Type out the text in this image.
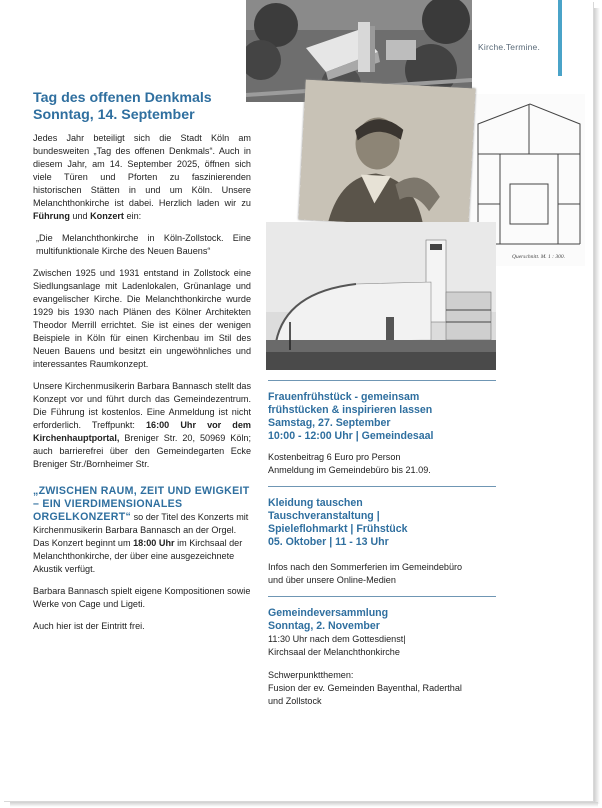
Kirche.Termine.
Querschnitt. M. 1 : 300.
Tag des offenen Denkmals
Sonntag, 14. September

Jedes Jahr beteiligt sich die Stadt Köln am bundesweiten „Tag des offenen Denkmals“. Auch in diesem Jahr, am 14. September 2025, öffnen sich viele Türen und Pforten zu faszinierenden historischen Stätten in und um Köln. Unsere Melanchthonkirche ist dabei. Herzlich laden wir zu Führung und Konzert ein:

„Die Melanchthonkirche in Köln-Zollstock. Eine multifunktionale Kirche des Neuen Bauens“

Zwischen 1925 und 1931 entstand in Zollstock eine Siedlungsanlage mit Ladenlokalen, Grünanlage und evangelischer Kirche. Die Melanchthonkirche wurde 1929 bis 1930 nach Plänen des Kölner Architekten Theodor Merrill errichtet. Sie ist eines der wenigen Beispiele in Köln für einen Kirchenbau im Stil des Neuen Bauens und besitzt ein ungewöhnliches und interessantes Raumkonzept.

Unsere Kirchenmusikerin Barbara Bannasch stellt das Konzept vor und führt durch das Gemeindezentrum. Die Führung ist kostenlos. Eine Anmeldung ist nicht erforderlich. Treffpunkt: 16:00 Uhr vor dem Kirchenhauptportal, Breniger Str. 20, 50969 Köln; auch barrierefrei über den Gemeindegarten Ecke Breniger Str./Bornheimer Str.

„ZWISCHEN RAUM, ZEIT UND EWIGKEIT – EIN VIERDIMENSIONALES ORGELKONZERT“ so der Titel des Konzerts mit Kirchenmusikerin Barbara Bannasch an der Orgel. Das Konzert beginnt um 18:00 Uhr im Kirchsaal der Melanchthonkirche, der über eine ausgezeichnete Akustik verfügt.

Barbara Bannasch spielt eigene Kompositionen sowie Werke von Cage und Ligeti.

Auch hier ist der Eintritt frei.

Frauenfrühstück - gemeinsam
frühstücken & inspirieren lassen
Samstag, 27. September
10:00 - 12:00 Uhr | Gemeindesaal
Kostenbeitrag 6 Euro pro Person
Anmeldung im Gemeindebüro bis 21.09.
Kleidung tauschen
Tauschveranstaltung |
Spieleflohmarkt | Frühstück
05. Oktober | 11 - 13 Uhr
Infos nach den Sommerferien im Gemeindebüro
und über unsere Online-Medien
Gemeindeversammlung
Sonntag, 2. November
11:30 Uhr nach dem Gottesdienst|
Kirchsaal der Melanchthonkirche
Schwerpunktthemen:
Fusion der ev. Gemeinden Bayenthal, Raderthal
und Zollstock
